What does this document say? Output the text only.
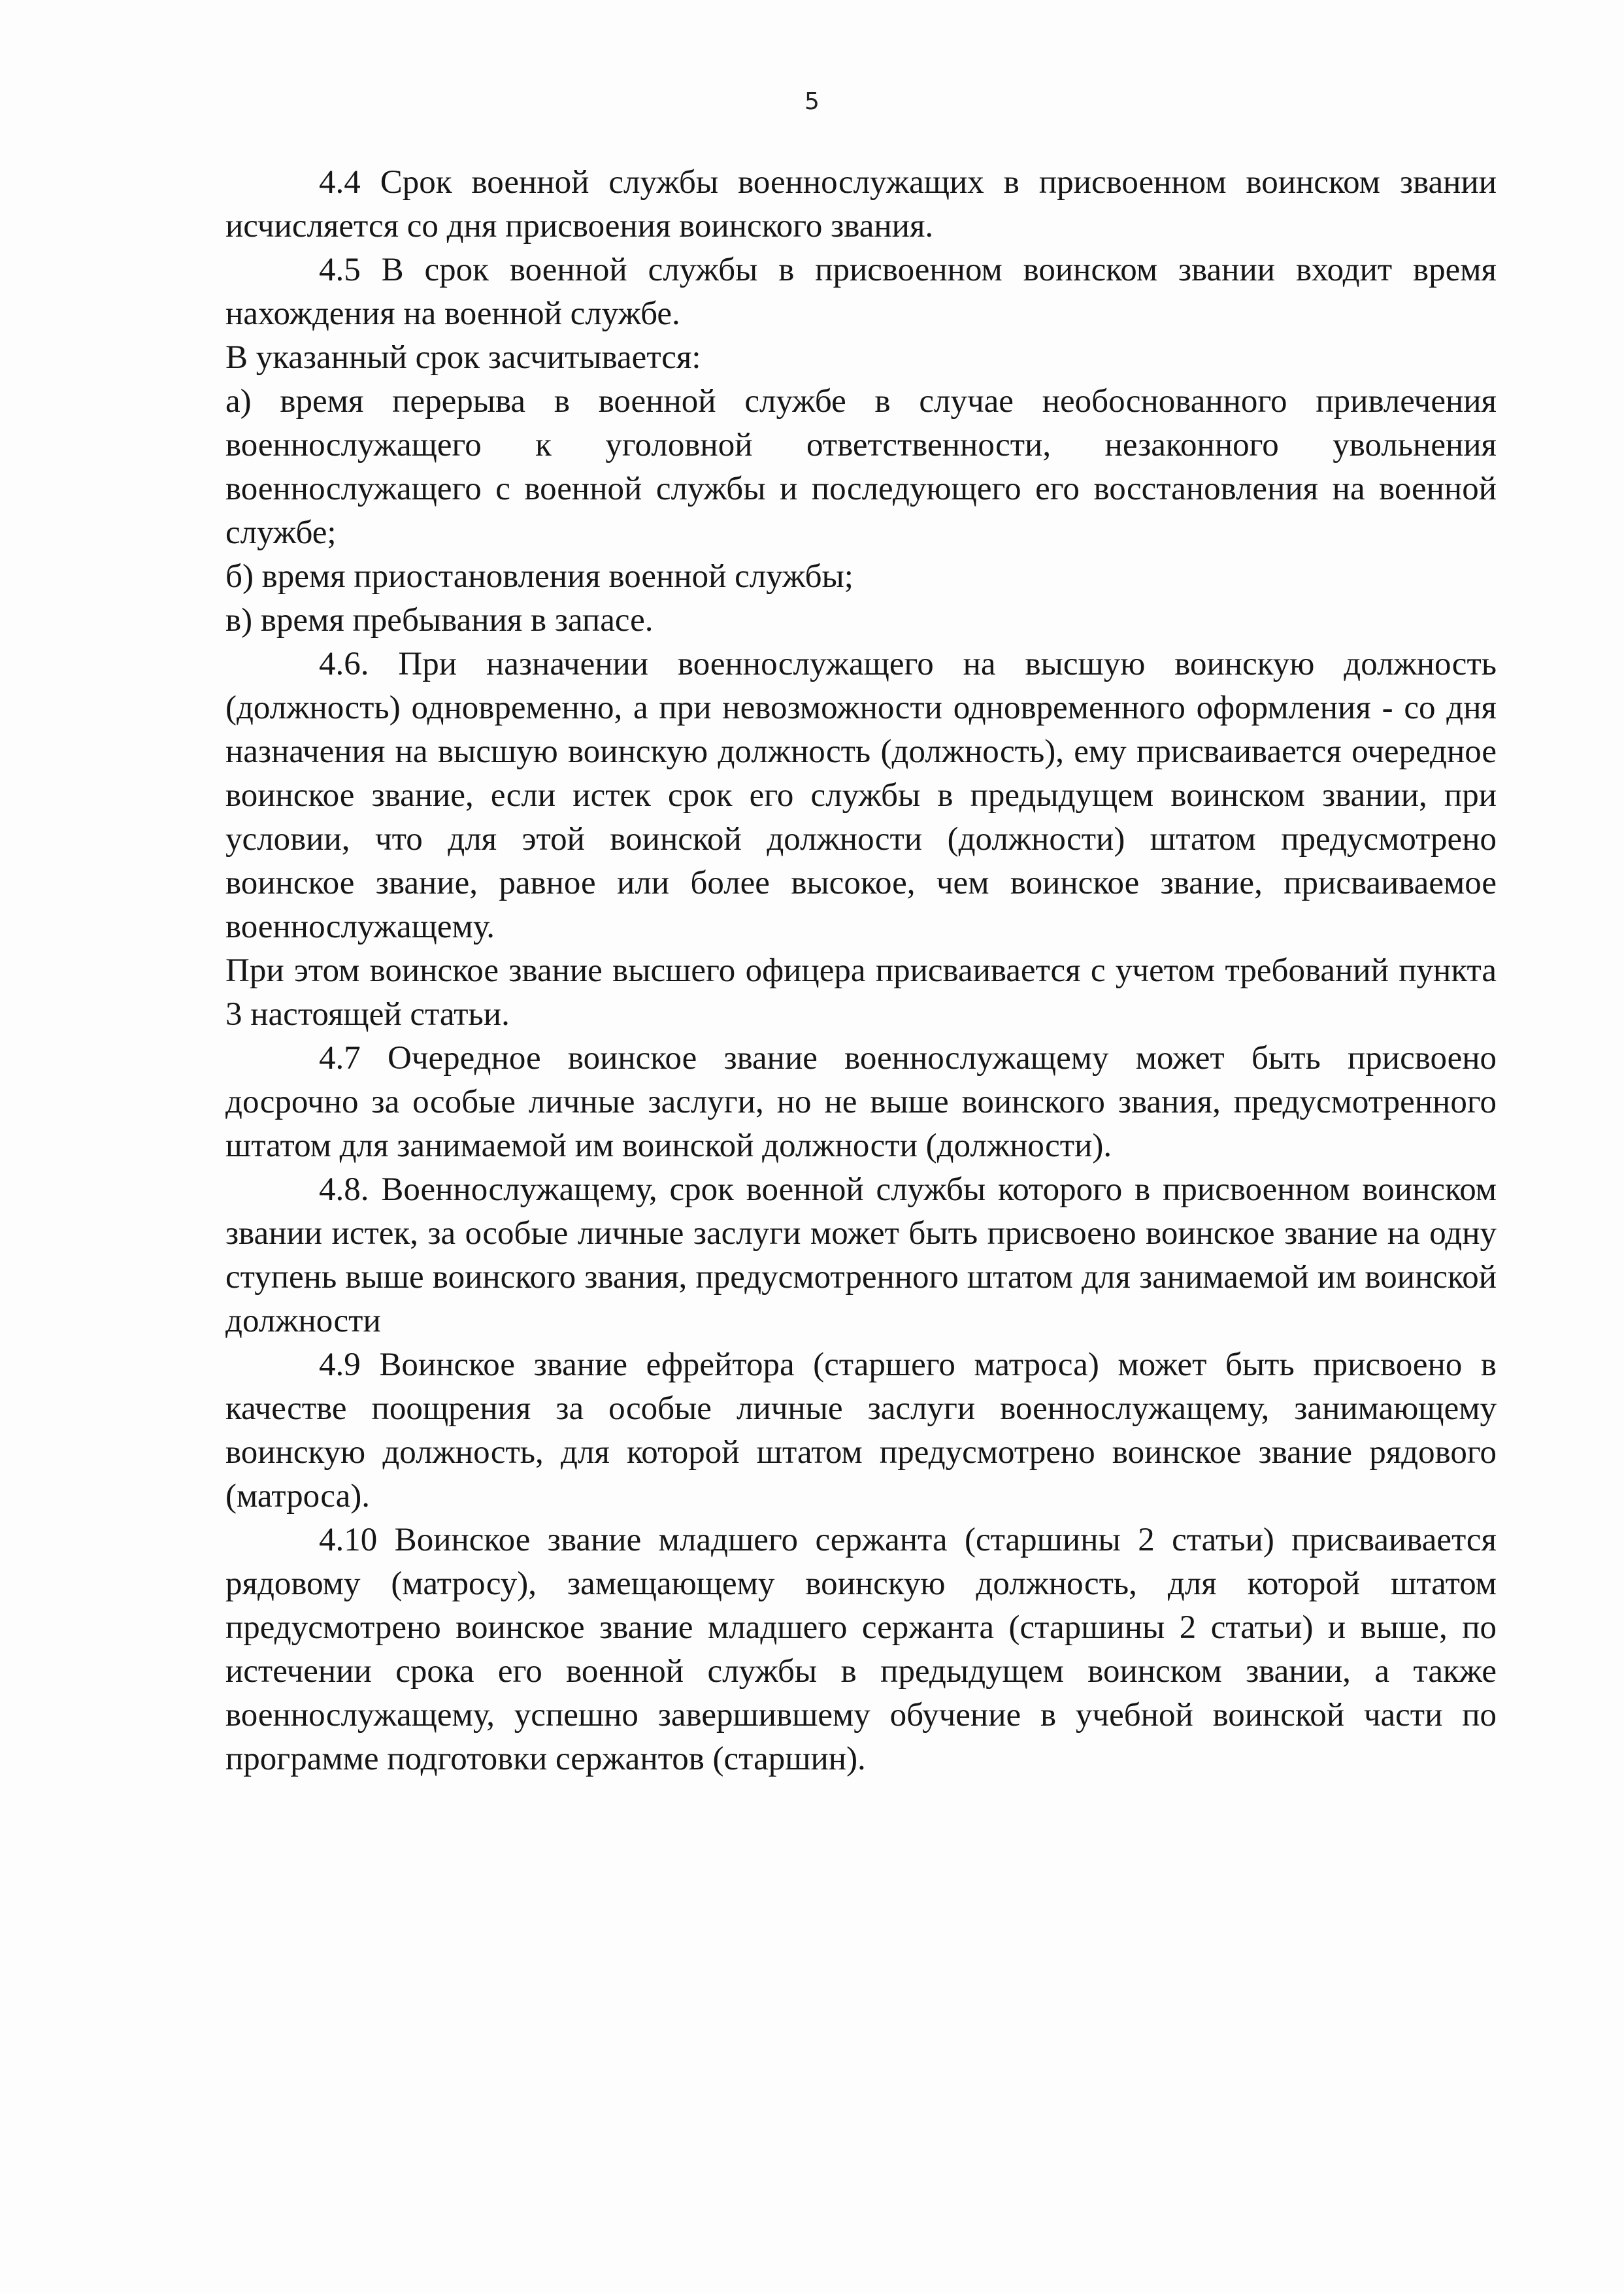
5

4.4 Срок военной службы военнослужащих в присвоенном воинском звании исчисляется со дня присвоения воинского звания.

4.5 В срок военной службы в присвоенном воинском звании входит время нахождения на военной службе.

В указанный срок засчитывается:

а) время перерыва в военной службе в случае необоснованного привлечения военнослужащего к уголовной ответственности, незаконного увольнения военнослужащего с военной службы и последующего его восстановления на военной службе;

б) время приостановления военной службы;

в) время пребывания в запасе.

4.6. При назначении военнослужащего на высшую воинскую должность (должность) одновременно, а при невозможности одновременного оформления - со дня назначения на высшую воинскую должность (должность), ему присваивается очередное воинское звание, если истек срок его службы в предыдущем воинском звании, при условии, что для этой воинской должности (должности) штатом предусмотрено воинское звание, равное или более высокое, чем воинское звание, присваиваемое военнослужащему.

При этом воинское звание высшего офицера присваивается с учетом требований пункта 3 настоящей статьи.

4.7 Очередное воинское звание военнослужащему может быть присвоено досрочно за особые личные заслуги, но не выше воинского звания, предусмотренного штатом для занимаемой им воинской должности (должности).

4.8. Военнослужащему, срок военной службы которого в присвоенном воинском звании истек, за особые личные заслуги может быть присвоено воинское звание на одну ступень выше воинского звания, предусмотренного штатом для занимаемой им воинской должности

4.9 Воинское звание ефрейтора (старшего матроса) может быть присвоено в качестве поощрения за особые личные заслуги военнослужащему, занимающему воинскую должность, для которой штатом предусмотрено воинское звание рядового (матроса).

4.10 Воинское звание младшего сержанта (старшины 2 статьи) присваивается рядовому (матросу), замещающему воинскую должность, для которой штатом предусмотрено воинское звание младшего сержанта (старшины 2 статьи) и выше, по истечении срока его военной службы в предыдущем воинском звании, а также военнослужащему, успешно завершившему обучение в учебной воинской части по программе подготовки сержантов (старшин).
